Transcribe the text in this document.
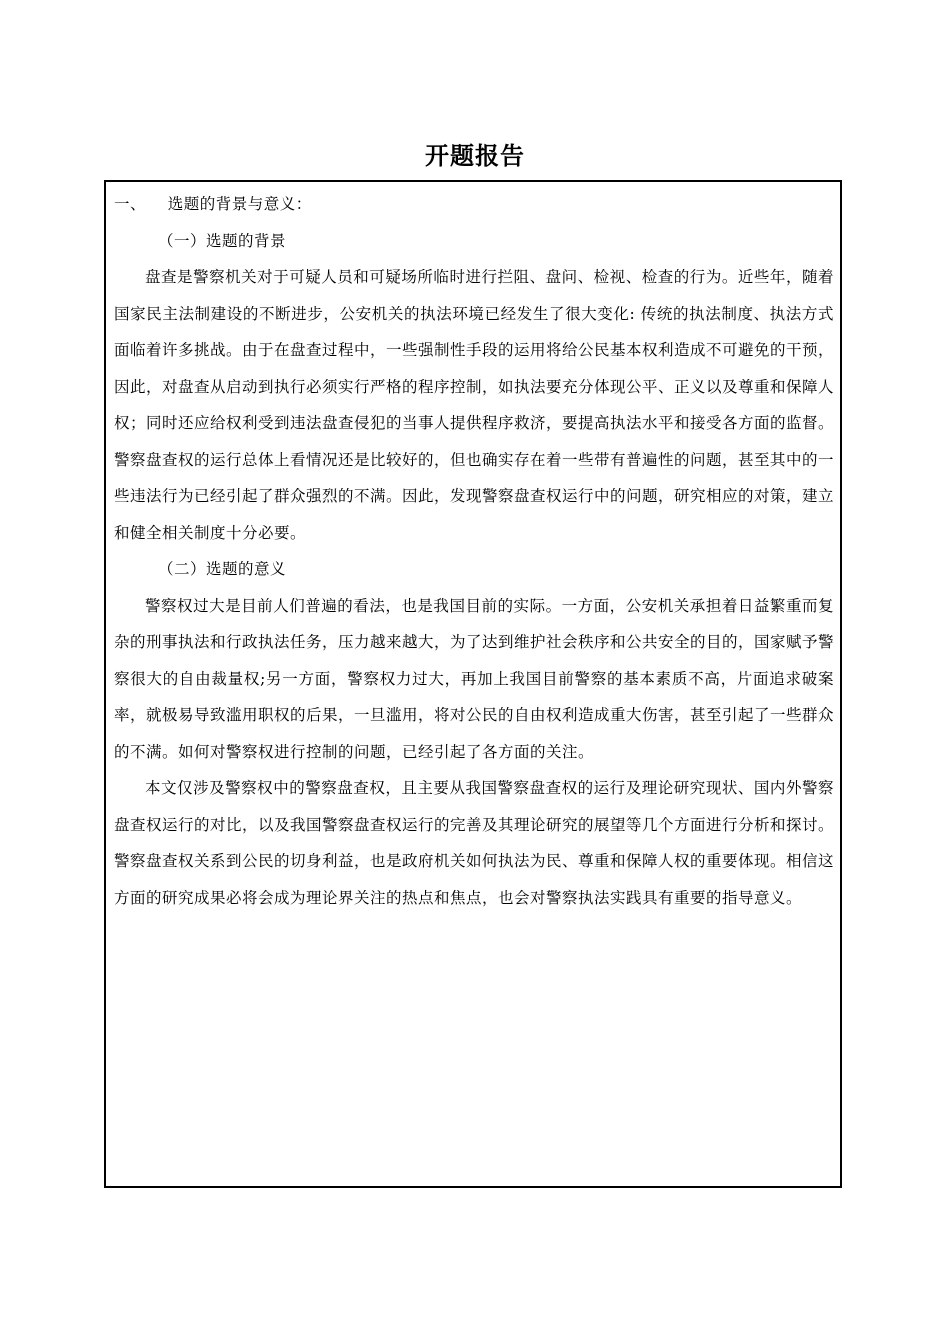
开题报告

一、    选题的背景与意义：

（一）选题的背景

盘查是警察机关对于可疑人员和可疑场所临时进行拦阻、盘问、检视、检查的行为。近些年，随着国家民主法制建设的不断进步，公安机关的执法环境已经发生了很大变化: 传统的执法制度、执法方式面临着许多挑战。由于在盘查过程中，一些强制性手段的运用将给公民基本权利造成不可避免的干预，因此，对盘查从启动到执行必须实行严格的程序控制，如执法要充分体现公平、正义以及尊重和保障人权；同时还应给权利受到违法盘查侵犯的当事人提供程序救济，要提高执法水平和接受各方面的监督。警察盘查权的运行总体上看情况还是比较好的，但也确实存在着一些带有普遍性的问题，甚至其中的一些违法行为已经引起了群众强烈的不满。因此，发现警察盘查权运行中的问题，研究相应的对策，建立和健全相关制度十分必要。

（二）选题的意义

警察权过大是目前人们普遍的看法，也是我国目前的实际。一方面，公安机关承担着日益繁重而复杂的刑事执法和行政执法任务，压力越来越大，为了达到维护社会秩序和公共安全的目的，国家赋予警察很大的自由裁量权;另一方面，警察权力过大，再加上我国目前警察的基本素质不高，片面追求破案率，就极易导致滥用职权的后果，一旦滥用，将对公民的自由权利造成重大伤害，甚至引起了一些群众的不满。如何对警察权进行控制的问题，已经引起了各方面的关注。

本文仅涉及警察权中的警察盘查权，且主要从我国警察盘查权的运行及理论研究现状、国内外警察盘查权运行的对比，以及我国警察盘查权运行的完善及其理论研究的展望等几个方面进行分析和探讨。警察盘查权关系到公民的切身利益，也是政府机关如何执法为民、尊重和保障人权的重要体现。相信这方面的研究成果必将会成为理论界关注的热点和焦点，也会对警察执法实践具有重要的指导意义。
